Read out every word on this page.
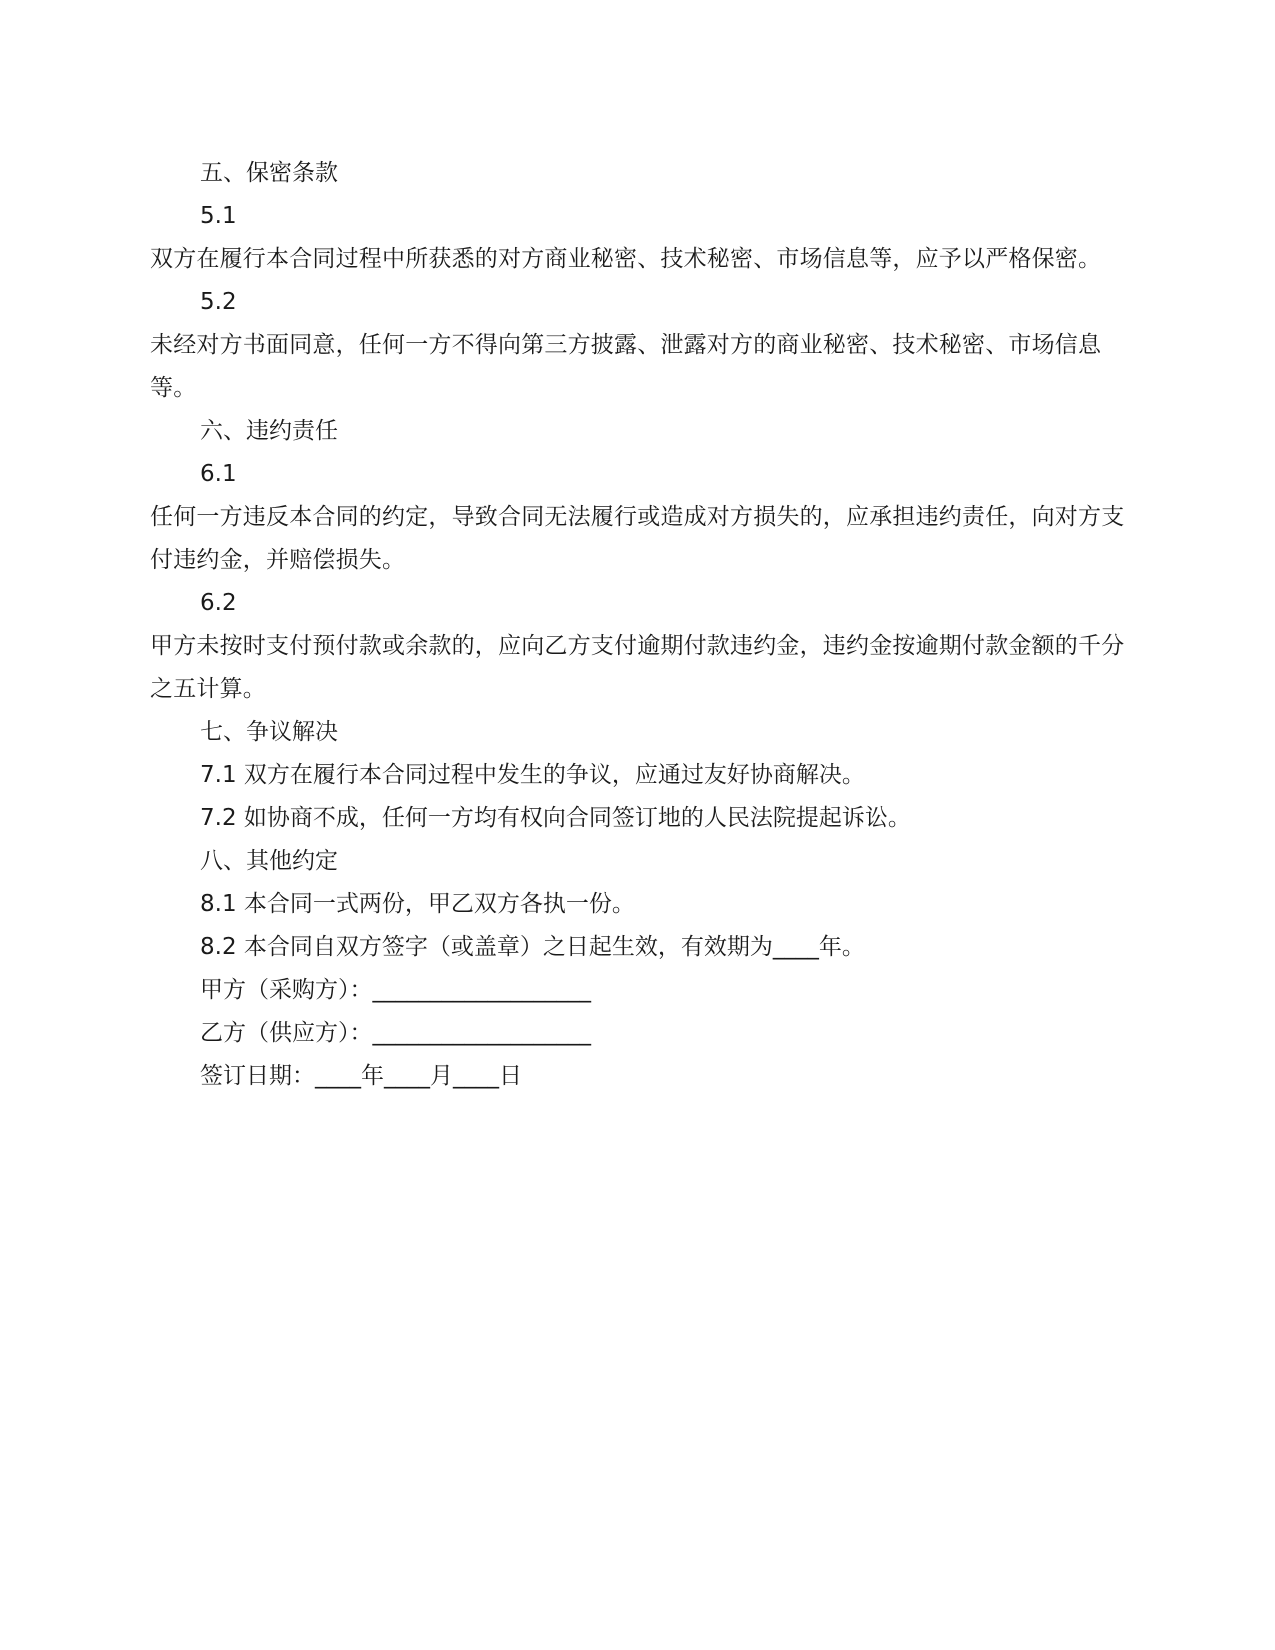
五、保密条款

5.1

双方在履行本合同过程中所获悉的对方商业秘密、技术秘密、市场信息等，应予以严格保密。

5.2

未经对方书面同意，任何一方不得向第三方披露、泄露对方的商业秘密、技术秘密、市场信息等。

六、违约责任

6.1

任何一方违反本合同的约定，导致合同无法履行或造成对方损失的，应承担违约责任，向对方支付违约金，并赔偿损失。

6.2

甲方未按时支付预付款或余款的，应向乙方支付逾期付款违约金，违约金按逾期付款金额的千分之五计算。

七、争议解决

7.1 双方在履行本合同过程中发生的争议，应通过友好协商解决。

7.2 如协商不成，任何一方均有权向合同签订地的人民法院提起诉讼。

八、其他约定

8.1 本合同一式两份，甲乙双方各执一份。

8.2 本合同自双方签字（或盖章）之日起生效，有效期为____年。

甲方（采购方）：___________________

乙方（供应方）：___________________

签订日期：____年____月____日
